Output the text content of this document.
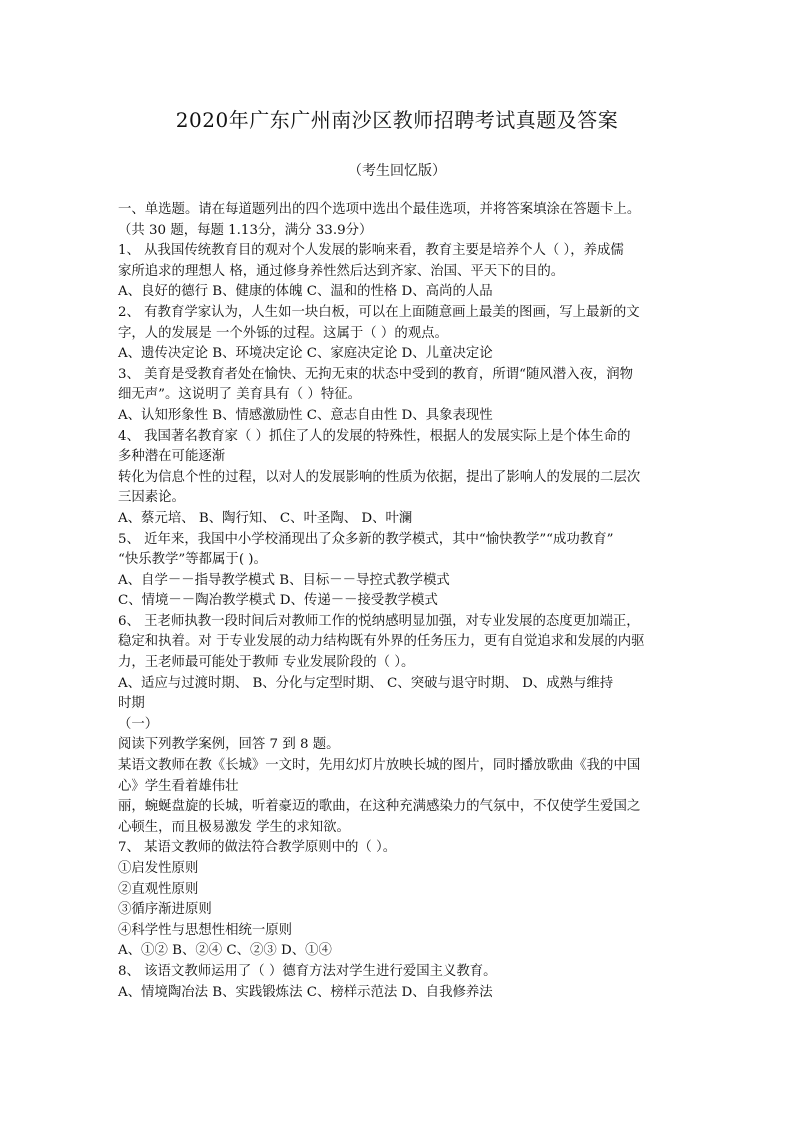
2020年广东广州南沙区教师招聘考试真题及答案
（考生回忆版）
一、单选题。请在每道题列出的四个选项中选出个最佳选项，并将答案填涂在答题卡上。
（共 30 题，每题 1.13分，满分 33.9分）
1、 从我国传统教育目的观对个人发展的影响来看，教育主要是培养个人（ ），养成儒
家所追求的理想人 格，通过修身养性然后达到齐家、治国、平天下的目的。
A、良好的德行 B、健康的体魄 C、温和的性格 D、高尚的人品
2、 有教育学家认为，人生如一块白板，可以在上面随意画上最美的图画，写上最新的文
字，人的发展是 一个外铄的过程。这属于（ ）的观点。
A、遗传决定论 B、环境决定论 C、家庭决定论 D、儿童决定论
3、 美育是受教育者处在愉快、无拘无束的状态中受到的教育，所谓“随风潜入夜，润物
细无声”。这说明了 美育具有（ ）特征。
A、认知形象性 B、情感激励性 C、意志自由性 D、具象表现性
4、 我国著名教育家（ ）抓住了人的发展的特殊性，根据人的发展实际上是个体生命的
多种潜在可能逐渐
转化为信息个性的过程，以对人的发展影响的性质为依据，提出了影响人的发展的二层次
三因素论。
A、蔡元培、 B、陶行知、 C、叶圣陶、 D、叶澜
5、 近年来，我国中小学校涌现出了众多新的教学模式，其中“愉快教学”“成功教育”
“快乐教学”等都属于( )。
A、自学－－指导教学模式 B、目标－－导控式教学模式
C、情境－－陶冶教学模式 D、传递－－接受教学模式
6、 王老师执教一段时间后对教师工作的悦纳感明显加强，对专业发展的态度更加端正，
稳定和执着。对 于专业发展的动力结构既有外界的任务压力，更有自觉追求和发展的内驱
力，王老师最可能处于教师 专业发展阶段的（ ）。
A、适应与过渡时期、 B、分化与定型时期、 C、突破与退守时期、 D、成熟与维持
时期
（一）
阅读下列教学案例，回答 7 到 8 题。
某语文教师在教《长城》一文时，先用幻灯片放映长城的图片，同时播放歌曲《我的中国
心》学生看着雄伟壮
丽，蜿蜒盘旋的长城，听着豪迈的歌曲，在这种充满感染力的气氛中，不仅使学生爱国之
心顿生，而且极易激发 学生的求知欲。
7、 某语文教师的做法符合教学原则中的（ ）。
①启发性原则
②直观性原则
③循序渐进原则
④科学性与思想性相统一原则
A、①② B、②④ C、②③ D、①④
8、 该语文教师运用了（ ）德育方法对学生进行爱国主义教育。
A、情境陶冶法 B、实践锻炼法 C、榜样示范法 D、自我修养法
